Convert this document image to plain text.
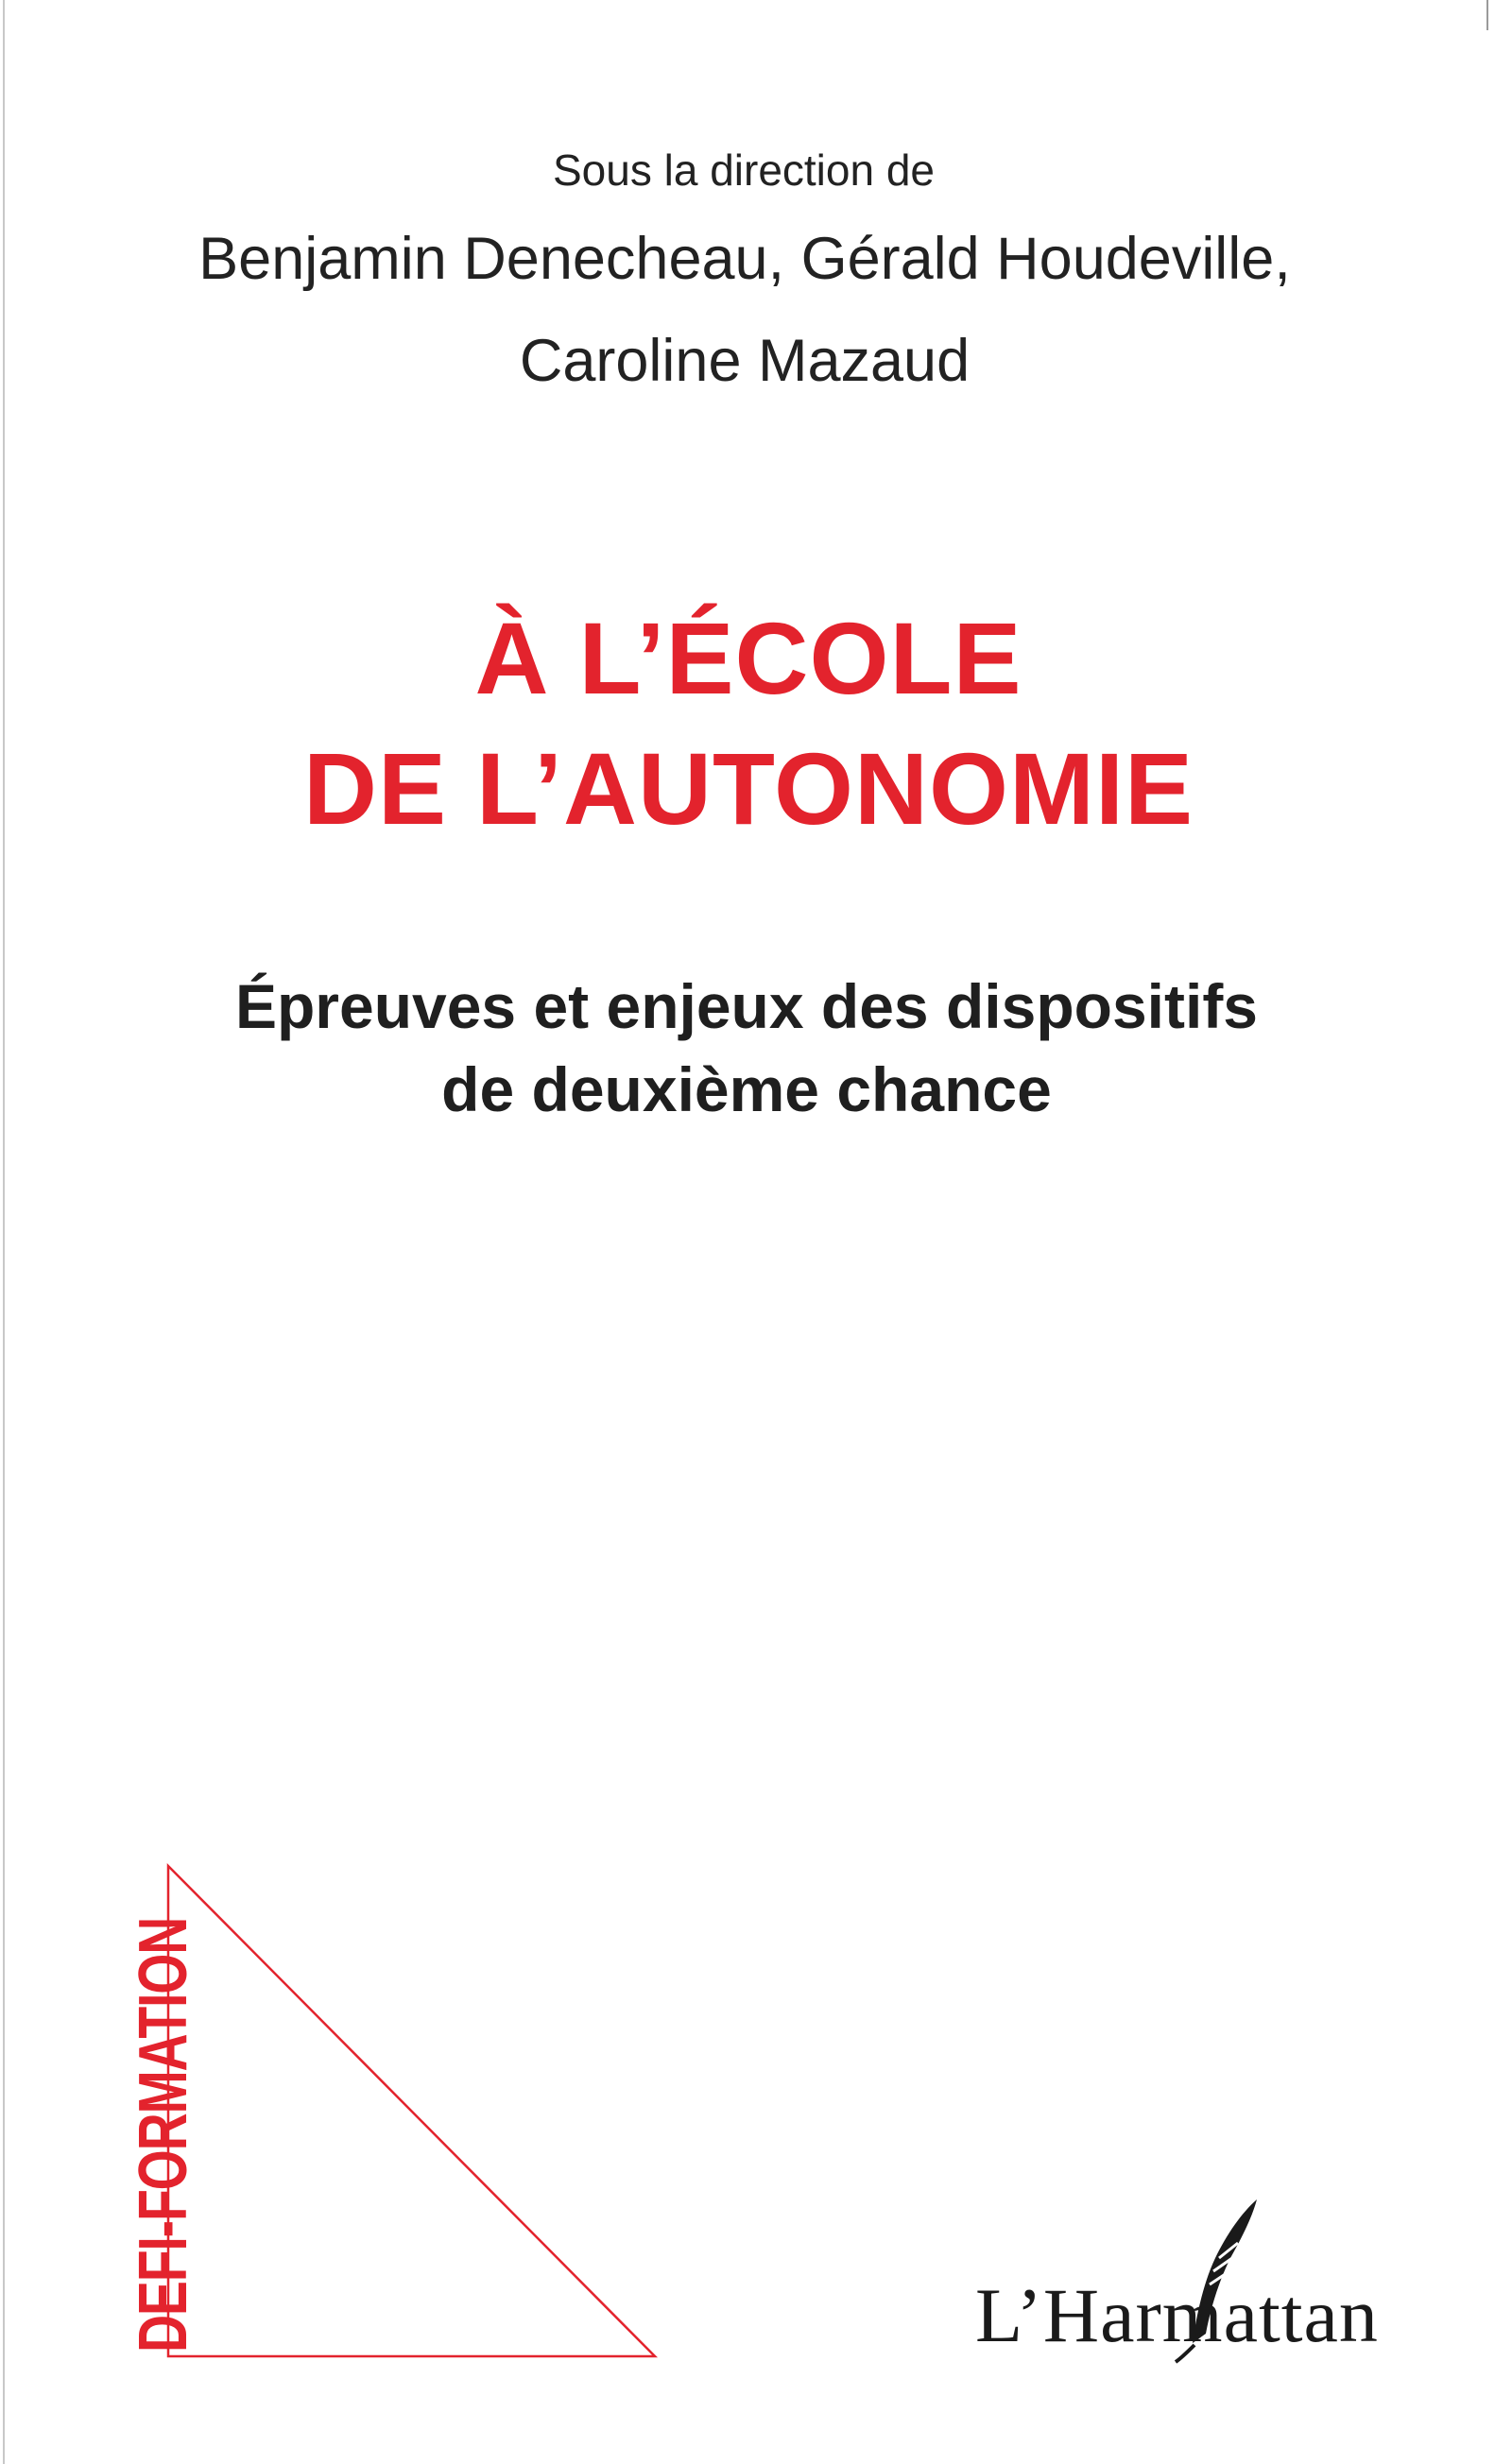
Sous la direction de

Benjamin Denecheau, Gérald Houdeville,
Caroline Mazaud

À L’ÉCOLE
DE L’AUTONOMIE
Épreuves et enjeux des dispositifs
de deuxième chance
DEFI-FORMATION	L’Harmattan
